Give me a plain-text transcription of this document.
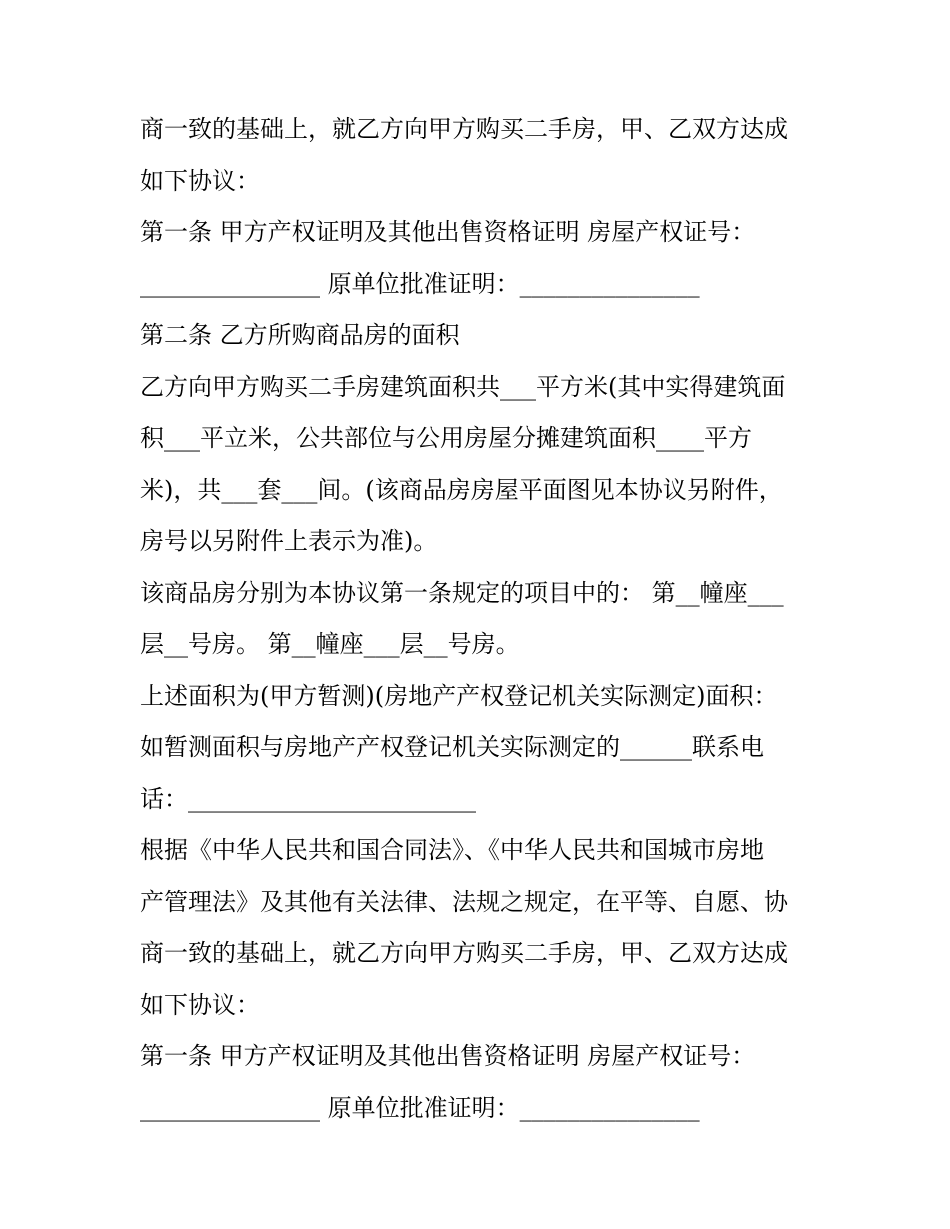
商一致的基础上，就乙方向甲方购买二手房，甲、乙双方达成
如下协议：
第一条 甲方产权证明及其他出售资格证明 房屋产权证号：
_______________ 原单位批准证明：_______________
第二条 乙方所购商品房的面积
乙方向甲方购买二手房建筑面积共___平方米(其中实得建筑面
积___平立米，公共部位与公用房屋分摊建筑面积____平方
米)，共___套___间。(该商品房房屋平面图见本协议另附件，
房号以另附件上表示为准)。
该商品房分别为本协议第一条规定的项目中的： 第__幢座___
层__号房。 第__幢座___层__号房。
上述面积为(甲方暂测)(房地产产权登记机关实际测定)面积：
如暂测面积与房地产产权登记机关实际测定的______联系电
话：________________________
根据《中华人民共和国合同法》、《中华人民共和国城市房地
产管理法》及其他有关法律、法规之规定，在平等、自愿、协
商一致的基础上，就乙方向甲方购买二手房，甲、乙双方达成
如下协议：
第一条 甲方产权证明及其他出售资格证明 房屋产权证号：
_______________ 原单位批准证明：_______________
